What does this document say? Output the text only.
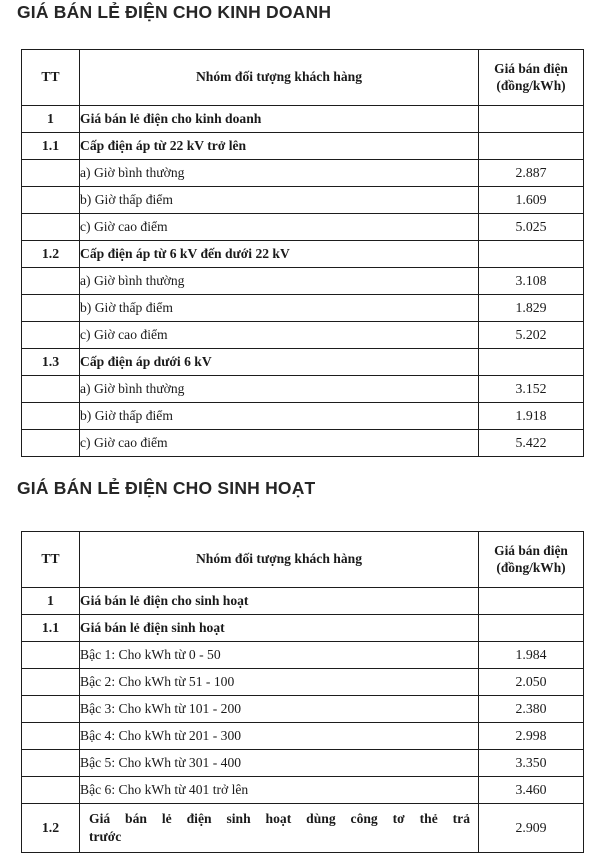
GIÁ BÁN LẺ ĐIỆN CHO KINH DOANH
TT	Nhóm đối tượng khách hàng	Giá bán điện
(đồng/kWh)
1	Giá bán lẻ điện cho kinh doanh	
1.1	Cấp điện áp từ 22 kV trở lên	
	a) Giờ bình thường	2.887
	b) Giờ thấp điểm	1.609
	c) Giờ cao điểm	5.025
1.2	Cấp điện áp từ 6 kV đến dưới 22 kV	
	a) Giờ bình thường	3.108
	b) Giờ thấp điểm	1.829
	c) Giờ cao điểm	5.202
1.3	Cấp điện áp dưới 6 kV	
	a) Giờ bình thường	3.152
	b) Giờ thấp điểm	1.918
	c) Giờ cao điểm	5.422
GIÁ BÁN LẺ ĐIỆN CHO SINH HOẠT
TT	Nhóm đối tượng khách hàng	Giá bán điện
(đồng/kWh)
1	Giá bán lẻ điện cho sinh hoạt	
1.1	Giá bán lẻ điện sinh hoạt	
	Bậc 1: Cho kWh từ 0 - 50	1.984
	Bậc 2: Cho kWh từ 51 - 100	2.050
	Bậc 3: Cho kWh từ 101 - 200	2.380
	Bậc 4: Cho kWh từ 201 - 300	2.998
	Bậc 5: Cho kWh từ 301 - 400	3.350
	Bậc 6: Cho kWh từ 401 trở lên	3.460
1.2	Giá bán lẻ điện sinh hoạt dùng công tơ thẻ trả
trước	2.909
